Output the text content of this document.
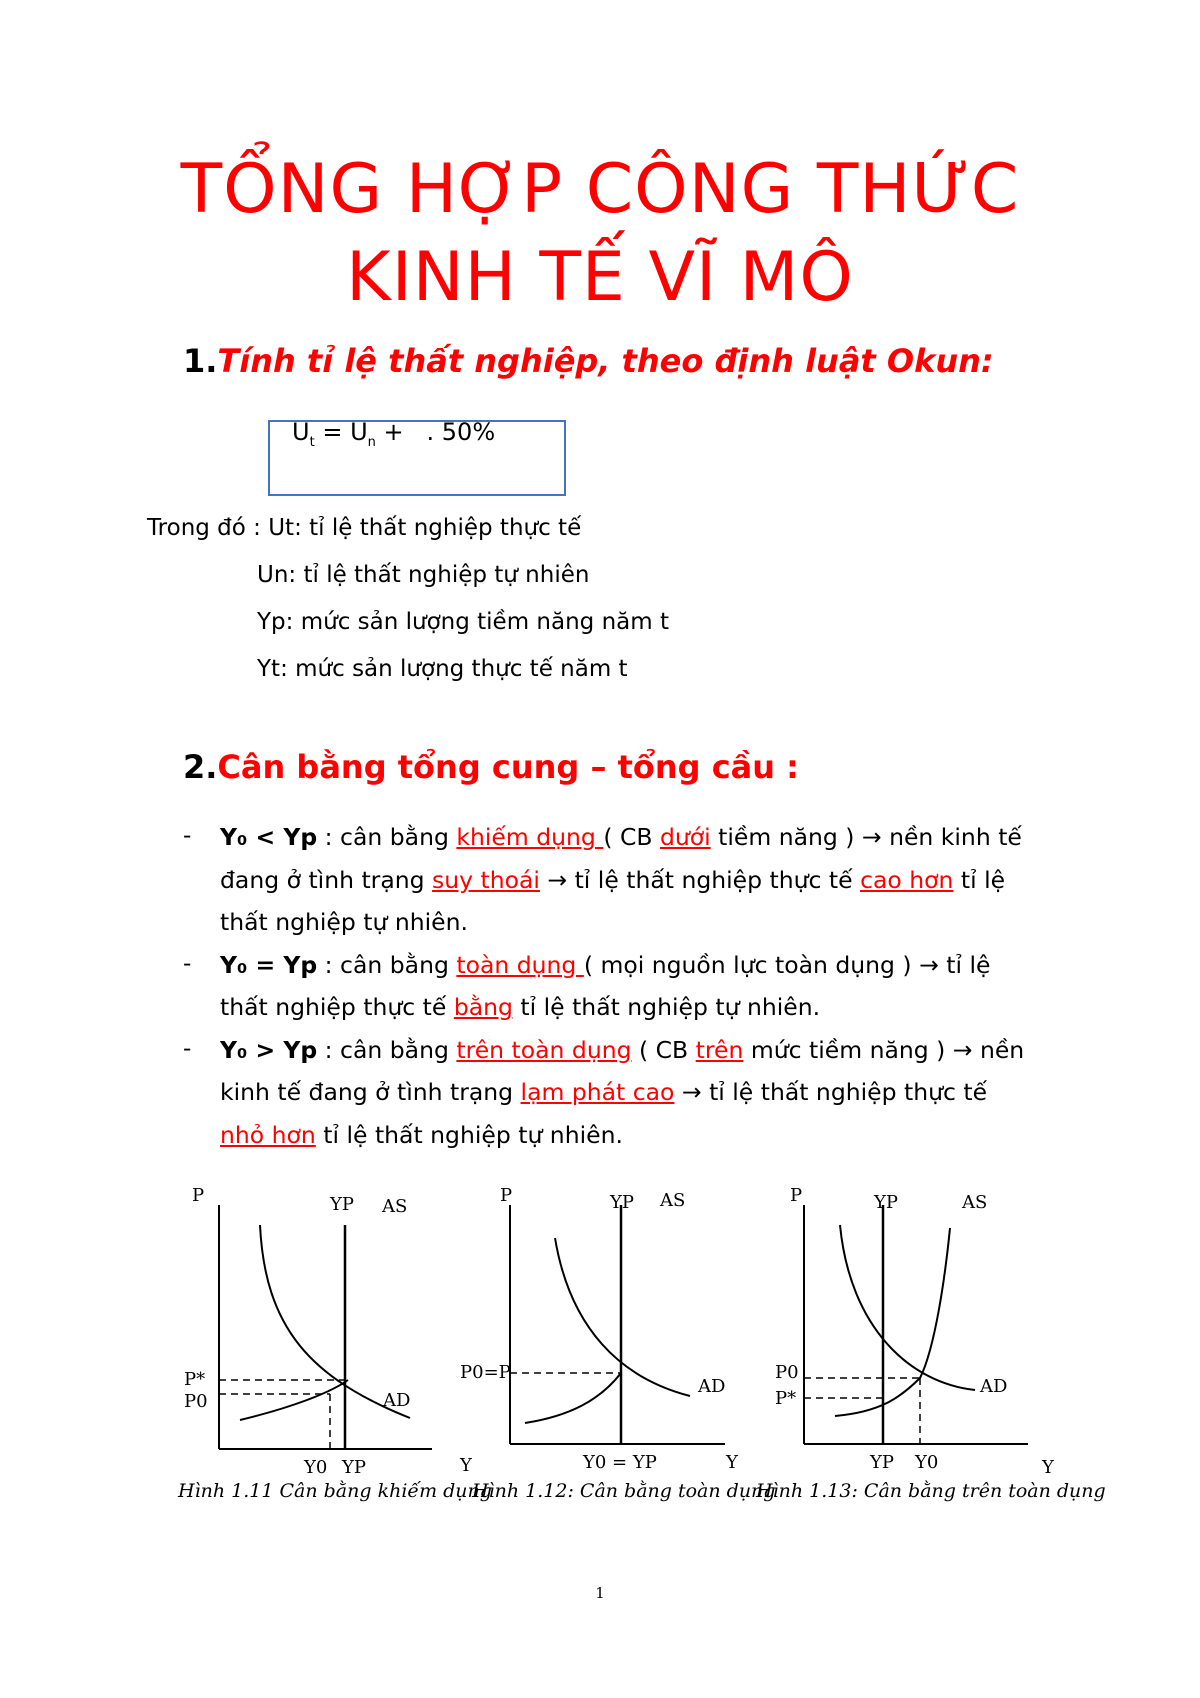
TỔNG HỢP CÔNG THỨC
KINH TẾ VĨ MÔ
1.Tính tỉ lệ thất nghiệp, theo định luật Okun:
$U_t = U_n$ +   . 50%
Trong đó : Ut: tỉ lệ thất nghiệp thực tế
Un: tỉ lệ thất nghiệp tự nhiên
Yp: mức sản lượng tiềm năng năm t
Yt: mức sản lượng thực tế năm t
2.Cân bằng tổng cung – tổng cầu :
- Y₀ < Yp : cân bằng khiếm dụng ( CB dưới tiềm năng ) → nền kinh tế
đang ở tình trạng suy thoái → tỉ lệ thất nghiệp thực tế cao hơn tỉ lệ
thất nghiệp tự nhiên.
- Y₀ = Yp : cân bằng toàn dụng ( mọi nguồn lực toàn dụng ) → tỉ lệ
thất nghiệp thực tế bằng tỉ lệ thất nghiệp tự nhiên.
- Y₀ > Yp : cân bằng trên toàn dụng ( CB trên mức tiềm năng ) → nền
kinh tế đang ở tình trạng lạm phát cao → tỉ lệ thất nghiệp thực tế
nhỏ hơn tỉ lệ thất nghiệp tự nhiên.
P	YP AS
P*
P0	AD
Y0 YP	Y
P	YP AS
P0=P
AD
Y0 = YP	Y
P	YP	AS
P0
P*
AD
YP Y0	Y
Hình 1.11 Cân bằng khiếm dụng
Hình 1.12: Cân bằng toàn dụng
Hình 1.13: Cân bằng trên toàn dụng
1
